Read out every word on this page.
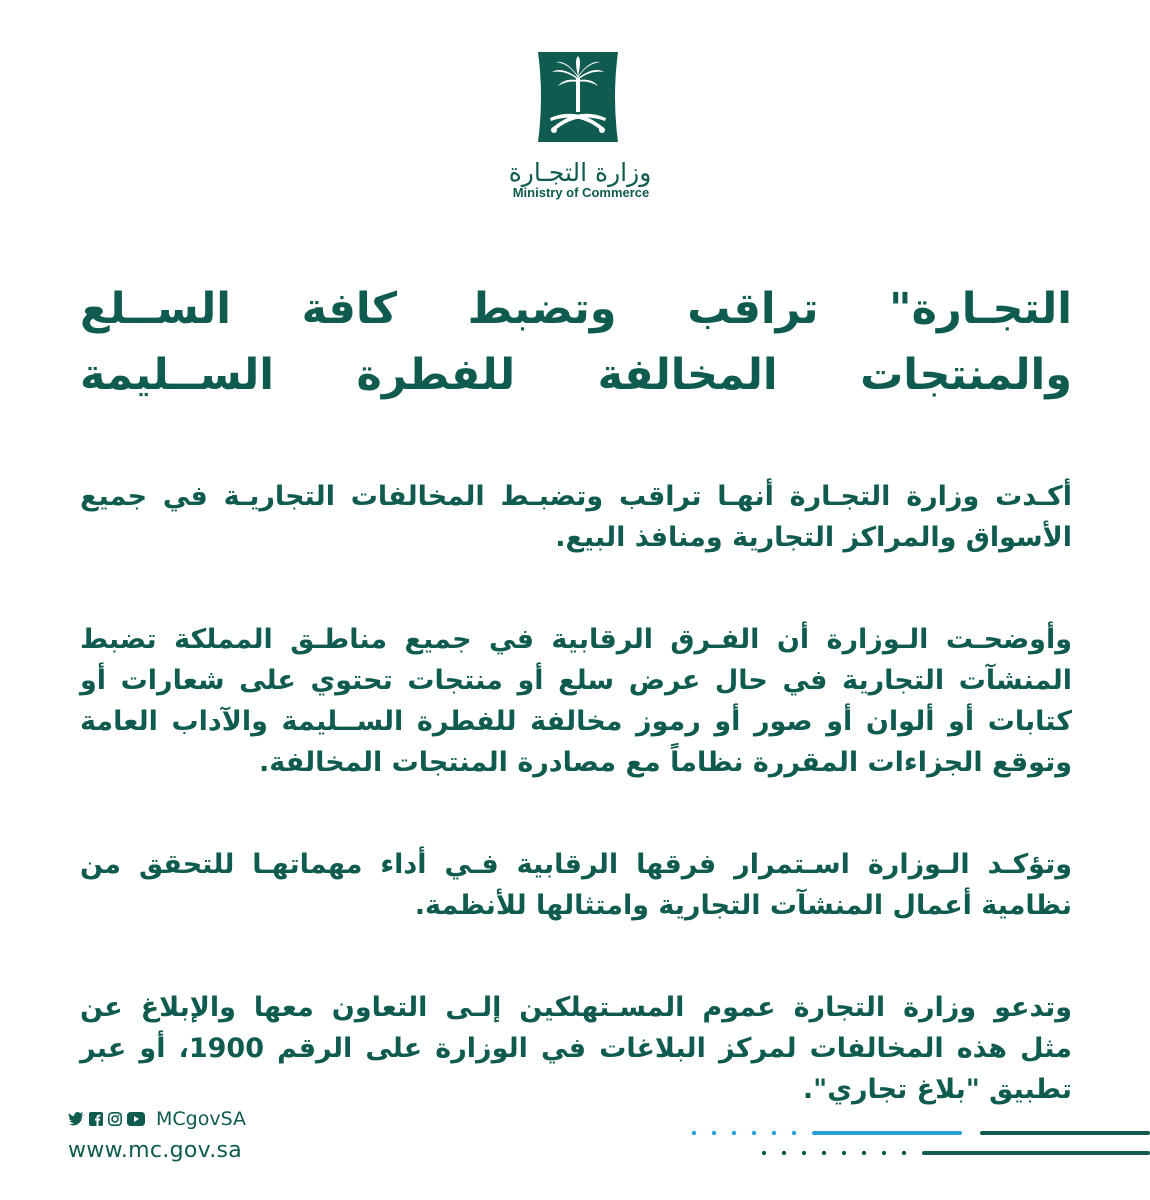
وزارة التجـارة
Ministry of Commerce
التجـارة" تراقب وتضبط كافة الســلع
والمنتجات المخالفة للفطرة الســليمة
أكـدت وزارة التجـارة أنهـا تراقب وتضبـط المخالفات التجاريـة في جميع
الأسواق والمراكز التجارية ومنافذ البيع.
وأوضحـت الـوزارة أن الفـرق الرقابية في جميع مناطـق المملكة تضبط
المنشآت التجارية في حال عرض سلع أو منتجات تحتوي على شعارات أو
كتابات أو ألوان أو صور أو رموز مخالفة للفطرة الســليمة والآداب العامة
وتوقع الجزاءات المقررة نظاماً مع مصادرة المنتجات المخالفة.
وتؤكـد الـوزارة اسـتمرار فرقها الرقابية فـي أداء مهماتهـا للتحقق من
نظامية أعمال المنشآت التجارية وامتثالها للأنظمة.
وتدعو وزارة التجارة عموم المسـتهلكين إلـى التعاون معها والإبلاغ عن
مثل هذه المخالفات لمركز البلاغات في الوزارة على الرقم 1900، أو عبر
تطبيق "بلاغ تجاري".
MCgovSA
www.mc.gov.sa
